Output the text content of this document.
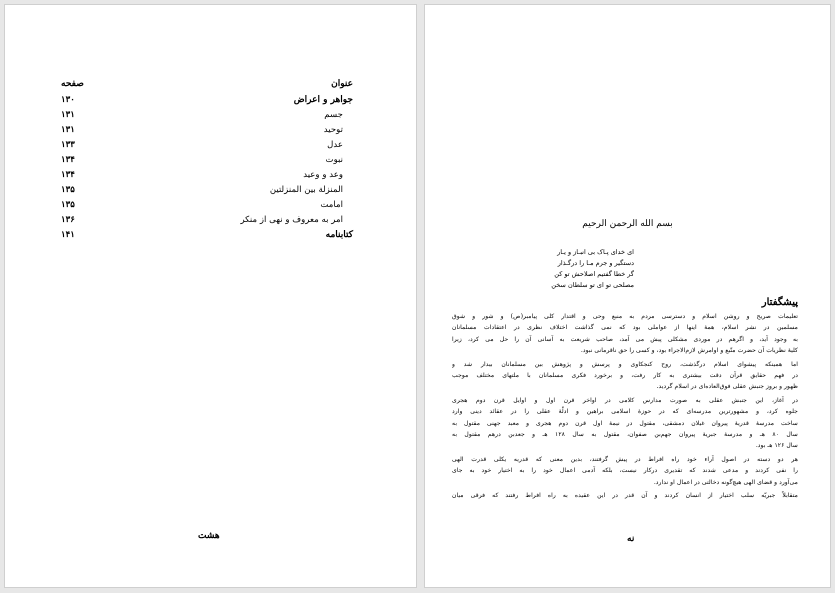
عنوان
صفحه
جواهر و اعراض
۱۳۰
جسم
۱۳۱
توحید
۱۳۱
عدل
۱۳۳
نبوت
۱۳۴
وعد و وعید
۱۳۴
المنزلة بین المنزلتین
۱۳۵
امامت
۱۳۵
امر به معروف و نهی از منکر
۱۳۶
کتابنامه
۱۴۱
هشت
بسم الله الرحمن الرحیم
ای خدای پـاک بی انبـاز و یـار
دستگیر و جرم مـا را درگـذار
گر خطا گفتیم اصلاحش تو کن
مصلحی تو ای تو سلطان سخن
پیشگفتار
تعلیمات صریح و روشن اسلام و دسترسی مردم به منبع وحی و اقتدار کلی پیامبر(ص) و شور و شوق
مسلمین در نشر اسلام، همهٔ اینها از عواملی بود که نمی گذاشت اختلاف نظری در اعتقادات مسلمانان
به وجود آید، و اگرهم در موردی مشکلی پیش می آمد، صاحب شریعت به آسانی آن را حل می کرد، زیرا
کلیهٔ نظریات آن حضرت متّبع و اوامرش لازم‌الاجراء بود، و کسی را حق ناقرمانی نبود.
اما همینکه پیشوای اسلام درگذشت، روح کنجکاوی و پرسش و پژوهش بین مسلمانان بیدار شد و
در فهم حقایق قرآن دقت بیشتری به کار رفت، و برخورد فکری مسلمانان با ملتهای مختلف موجب
ظهور و بروز جنبش عقلی فوق‌العاده‌ای در اسلام گردید.
در آغاز، این جنبش عقلی به صورت مدارس کلامی در اواخر قرن اول و اوایل قرن دوم هجری
جلوه کرد، و مشهورترین مدرسه‌ای که در حوزهٔ اسلامی براهین و ادلّهٔ عقلی را در عقائد دینی وارد
ساخت مدرسهٔ قدریهٔ پیروان غیلان دمشقی، مقتول در نیمهٔ اول قرن دوم هجری و معبد جهنی مقتول به
سال ۸۰ هـ و مدرسهٔ جبریهٔ پیروان جهم‌بن صفوان، مقتول به سال ۱۲۸ هـ و جعدبن درهم مقتول به
سال ۱۲۶ هـ بود.
هر دو دسته در اصول آراء خود راه افراط در پیش گرفتند، بدین معنی که قدریه یکلی قدرت الهی
را نفی کردند و مدعی شدند که تقدیری درکار نیست، بلکه آدمی اعمال خود را به اختیار خود به جای
می‌آورد و قضای الهی هیچ‌گونه دخالتی در اعمال او ندارد.
متقابلاً جبریّه سلب اختیار از انسان کردند و آن قدر در این عقیده به راه افراط رفتند که فرقی میان
نه
